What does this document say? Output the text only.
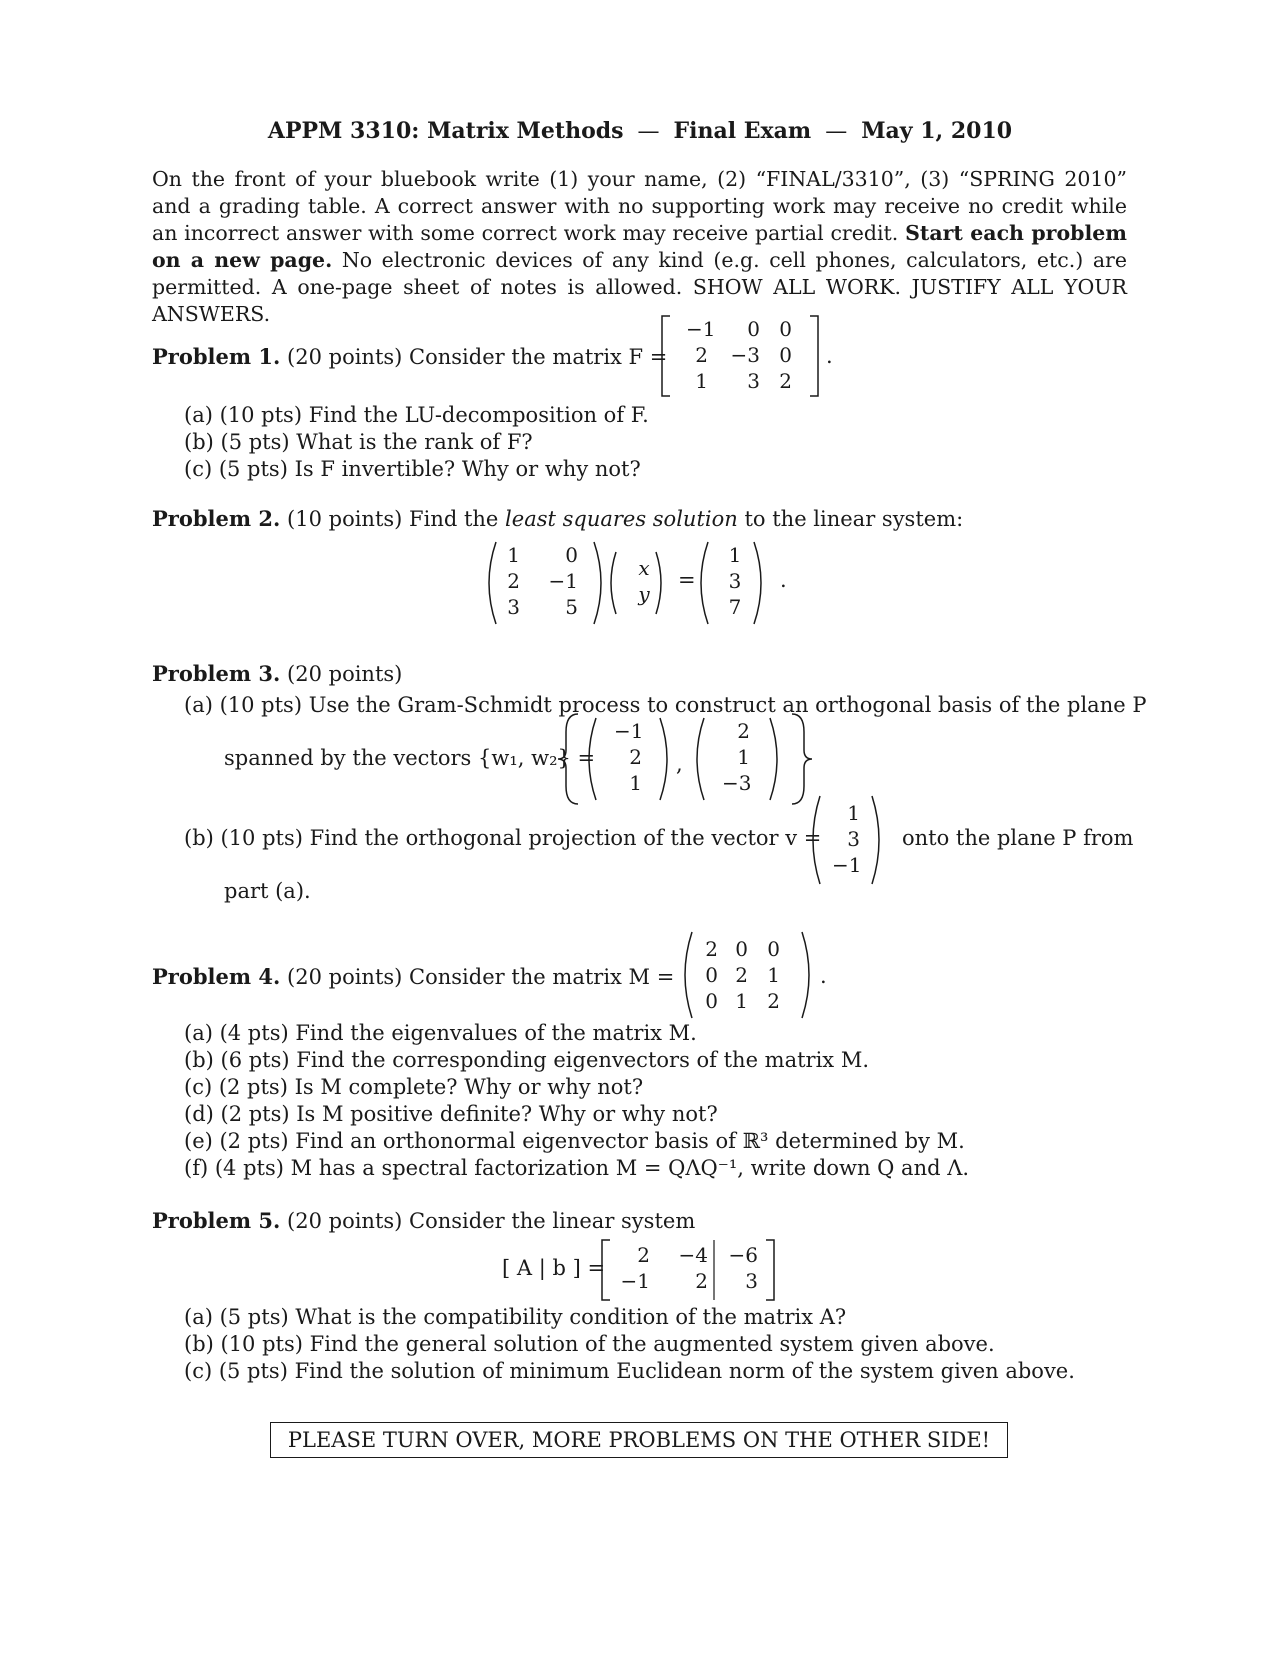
APPM 3310: Matrix Methods — Final Exam — May 1, 2010
On the front of your bluebook write (1) your name, (2) “FINAL/3310”, (3) “SPRING 2010” and a grading table. A correct answer with no supporting work may receive no credit while an incorrect answer with some correct work may receive partial credit. Start each problem on a new page. No electronic devices of any kind (e.g. cell phones, calculators, etc.) are permitted. A one-page sheet of notes is allowed. SHOW ALL WORK. JUSTIFY ALL YOUR ANSWERS.
Problem 1. (20 points) Consider the matrix F =
−1	0 0
2	−3 0
1	3 2
.
(a) (10 pts) Find the LU-decomposition of F.
(b) (5 pts) What is the rank of F?
(c) (5 pts) Is F invertible? Why or why not?
Problem 2. (10 points) Find the least squares solution to the linear system:
1	0
2	−1
3	5
x
y
=
1
3
7
.
Problem 3. (20 points)
(a) (10 pts) Use the Gram-Schmidt process to construct an orthogonal basis of the plane P
spanned by the vectors {w₁, w₂} =
−1
2
1
,
2
1
−3
(b) (10 pts) Find the orthogonal projection of the vector v =
1
3
−1
onto the plane P from
part (a).
Problem 4. (20 points) Consider the matrix M =
2 0 0
0 2 1
0 1 2
.
(a) (4 pts) Find the eigenvalues of the matrix M.
(b) (6 pts) Find the corresponding eigenvectors of the matrix M.
(c) (2 pts) Is M complete? Why or why not?
(d) (2 pts) Is M positive definite? Why or why not?
(e) (2 pts) Find an orthonormal eigenvector basis of ℝ³ determined by M.
(f) (4 pts) M has a spectral factorization M = QΛQ⁻¹, write down Q and Λ.
Problem 5. (20 points) Consider the linear system
[ A | b ] =
2	−4	−6
−1	2	3
(a) (5 pts) What is the compatibility condition of the matrix A?
(b) (10 pts) Find the general solution of the augmented system given above.
(c) (5 pts) Find the solution of minimum Euclidean norm of the system given above.
PLEASE TURN OVER, MORE PROBLEMS ON THE OTHER SIDE!
